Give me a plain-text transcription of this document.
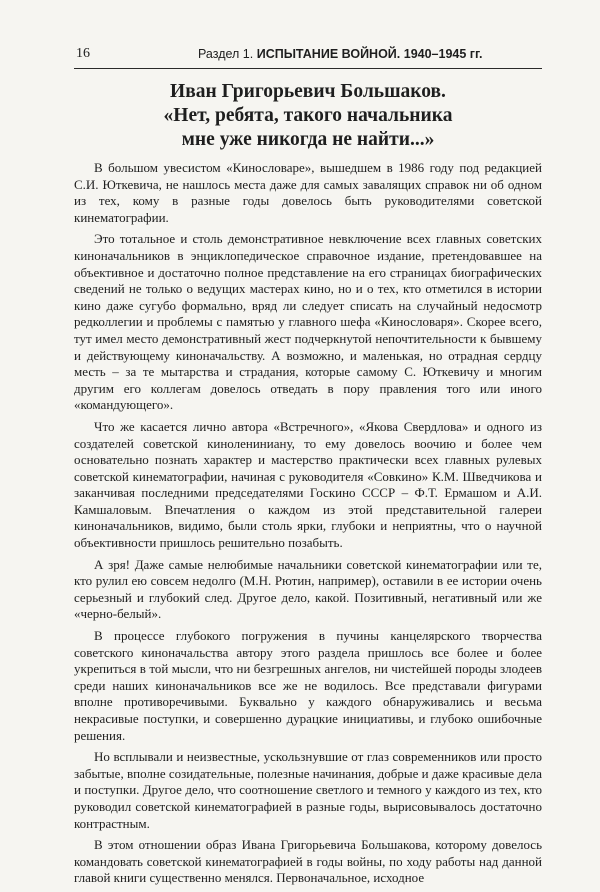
16	Раздел 1. ИСПЫТАНИЕ ВОЙНОЙ. 1940–1945 гг.
Иван Григорьевич Большаков.
«Нет, ребята, такого начальника
мне уже никогда не найти...»

В большом увесистом «Кинословаре», вышедшем в 1986 году под редакцией С.И. Юткевича, не нашлось места даже для самых завалящих справок ни об одном из тех, кому в разные годы довелось быть руководителями советской кинематографии.

Это тотальное и столь демонстративное невключение всех главных советских киноначальников в энциклопедическое справочное издание, претендовавшее на объективное и достаточно полное представление на его страницах биографических сведений не только о ведущих мастерах кино, но и о тех, кто отметился в истории кино даже сугубо формально, вряд ли следует списать на случайный недосмотр редколлегии и проблемы с памятью у главного шефа «Кинословаря». Скорее всего, тут имел место демонстративный жест подчеркнутой непочтительности к бывшему и действующему киноначальству. А возможно, и маленькая, но отрадная сердцу месть – за те мытарства и страдания, которые самому С. Юткевичу и многим другим его коллегам довелось отведать в пору правления того или иного «командующего».

Что же касается лично автора «Встречного», «Якова Свердлова» и одного из создателей советской кинолениниану, то ему довелось воочию и более чем основательно познать характер и мастерство практически всех главных рулевых советской кинематографии, начиная с руководителя «Совкино» К.М. Шведчикова и заканчивая последними председателями Госкино СССР – Ф.Т. Ермашом и А.И. Камшаловым. Впечатления о каждом из этой представительной галереи киноначальников, видимо, были столь ярки, глубоки и неприятны, что о научной объективности пришлось решительно позабыть.

А зря! Даже самые нелюбимые начальники советской кинематографии или те, кто рулил ею совсем недолго (М.Н. Рютин, например), оставили в ее истории очень серьезный и глубокий след. Другое дело, какой. Позитивный, негативный или же «черно-белый».

В процессе глубокого погружения в пучины канцелярского творчества советского киноначальства автору этого раздела пришлось все более и более укрепиться в той мысли, что ни безгрешных ангелов, ни чистейшей породы злодеев среди наших киноначальников все же не водилось. Все представали фигурами вполне противоречивыми. Буквально у каждого обнаруживались и весьма некрасивые поступки, и совершенно дурацкие инициативы, и глубоко ошибочные решения.

Но всплывали и неизвестные, ускользнувшие от глаз современников или просто забытые, вполне созидательные, полезные начинания, добрые и даже красивые дела и поступки. Другое дело, что соотношение светлого и темного у каждого из тех, кто руководил советской кинематографией в разные годы, вырисовывалось достаточно контрастным.

В этом отношении образ Ивана Григорьевича Большакова, которому довелось командовать советской кинематографией в годы войны, по ходу работы над данной главой книги существенно менялся. Первоначальное, исходное
